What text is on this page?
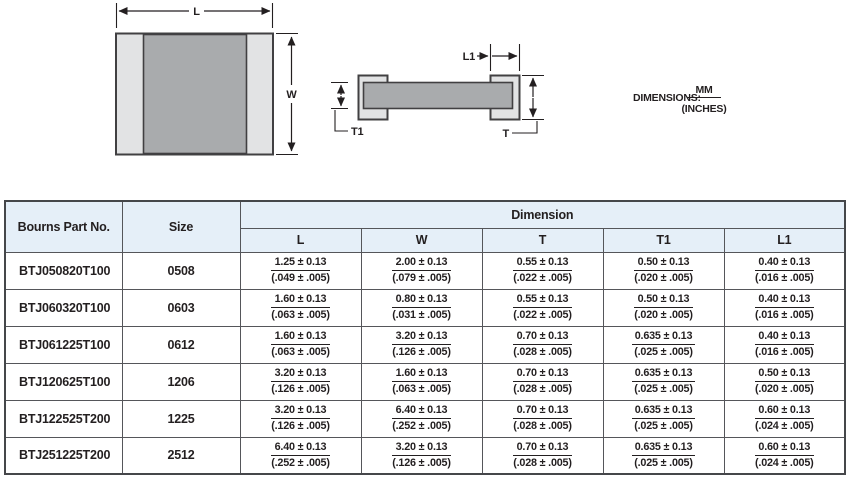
L
W
L1
T1	T
DIMENSIONS:
MM
(INCHES)
Bourns Part No.	Size	Dimension				
		L	W	T	T1	L1
BTJ050820T100	0508	$\frac{1.25 \pm 0.13}{(.049 \pm .005)}$	$\frac{2.00 \pm 0.13}{(.079 \pm .005)}$	$\frac{0.55 \pm 0.13}{(.022 \pm .005)}$	$\frac{0.50 \pm 0.13}{(.020 \pm .005)}$	$\frac{0.40 \pm 0.13}{(.016 \pm .005)}$

BTJ060320T100	0603	$\frac{1.60 \pm 0.13}{(.063 \pm .005)}$	$\frac{0.80 \pm 0.13}{(.031 \pm .005)}$	$\frac{0.55 \pm 0.13}{(.022 \pm .005)}$	$\frac{0.50 \pm 0.13}{(.020 \pm .005)}$	$\frac{0.40 \pm 0.13}{(.016 \pm .005)}$

BTJ061225T100	0612	$\frac{1.60 \pm 0.13}{(.063 \pm .005)}$	$\frac{3.20 \pm 0.13}{(.126 \pm .005)}$	$\frac{0.70 \pm 0.13}{(.028 \pm .005)}$	$\frac{0.635 \pm 0.13}{(.025 \pm .005)}$	$\frac{0.40 \pm 0.13}{(.016 \pm .005)}$

BTJ120625T100	1206	$\frac{3.20 \pm 0.13}{(.126 \pm .005)}$	$\frac{1.60 \pm 0.13}{(.063 \pm .005)}$	$\frac{0.70 \pm 0.13}{(.028 \pm .005)}$	$\frac{0.635 \pm 0.13}{(.025 \pm .005)}$	$\frac{0.50 \pm 0.13}{(.020 \pm .005)}$

BTJ122525T200	1225	$\frac{3.20 \pm 0.13}{(.126 \pm .005)}$	$\frac{6.40 \pm 0.13}{(.252 \pm .005)}$	$\frac{0.70 \pm 0.13}{(.028 \pm .005)}$	$\frac{0.635 \pm 0.13}{(.025 \pm .005)}$	$\frac{0.60 \pm 0.13}{(.024 \pm .005)}$

BTJ251225T200	2512	$\frac{6.40 \pm 0.13}{(.252 \pm .005)}$	$\frac{3.20 \pm 0.13}{(.126 \pm .005)}$	$\frac{0.70 \pm 0.13}{(.028 \pm .005)}$	$\frac{0.635 \pm 0.13}{(.025 \pm .005)}$	$\frac{0.60 \pm 0.13}{(.024 \pm .005)}$
